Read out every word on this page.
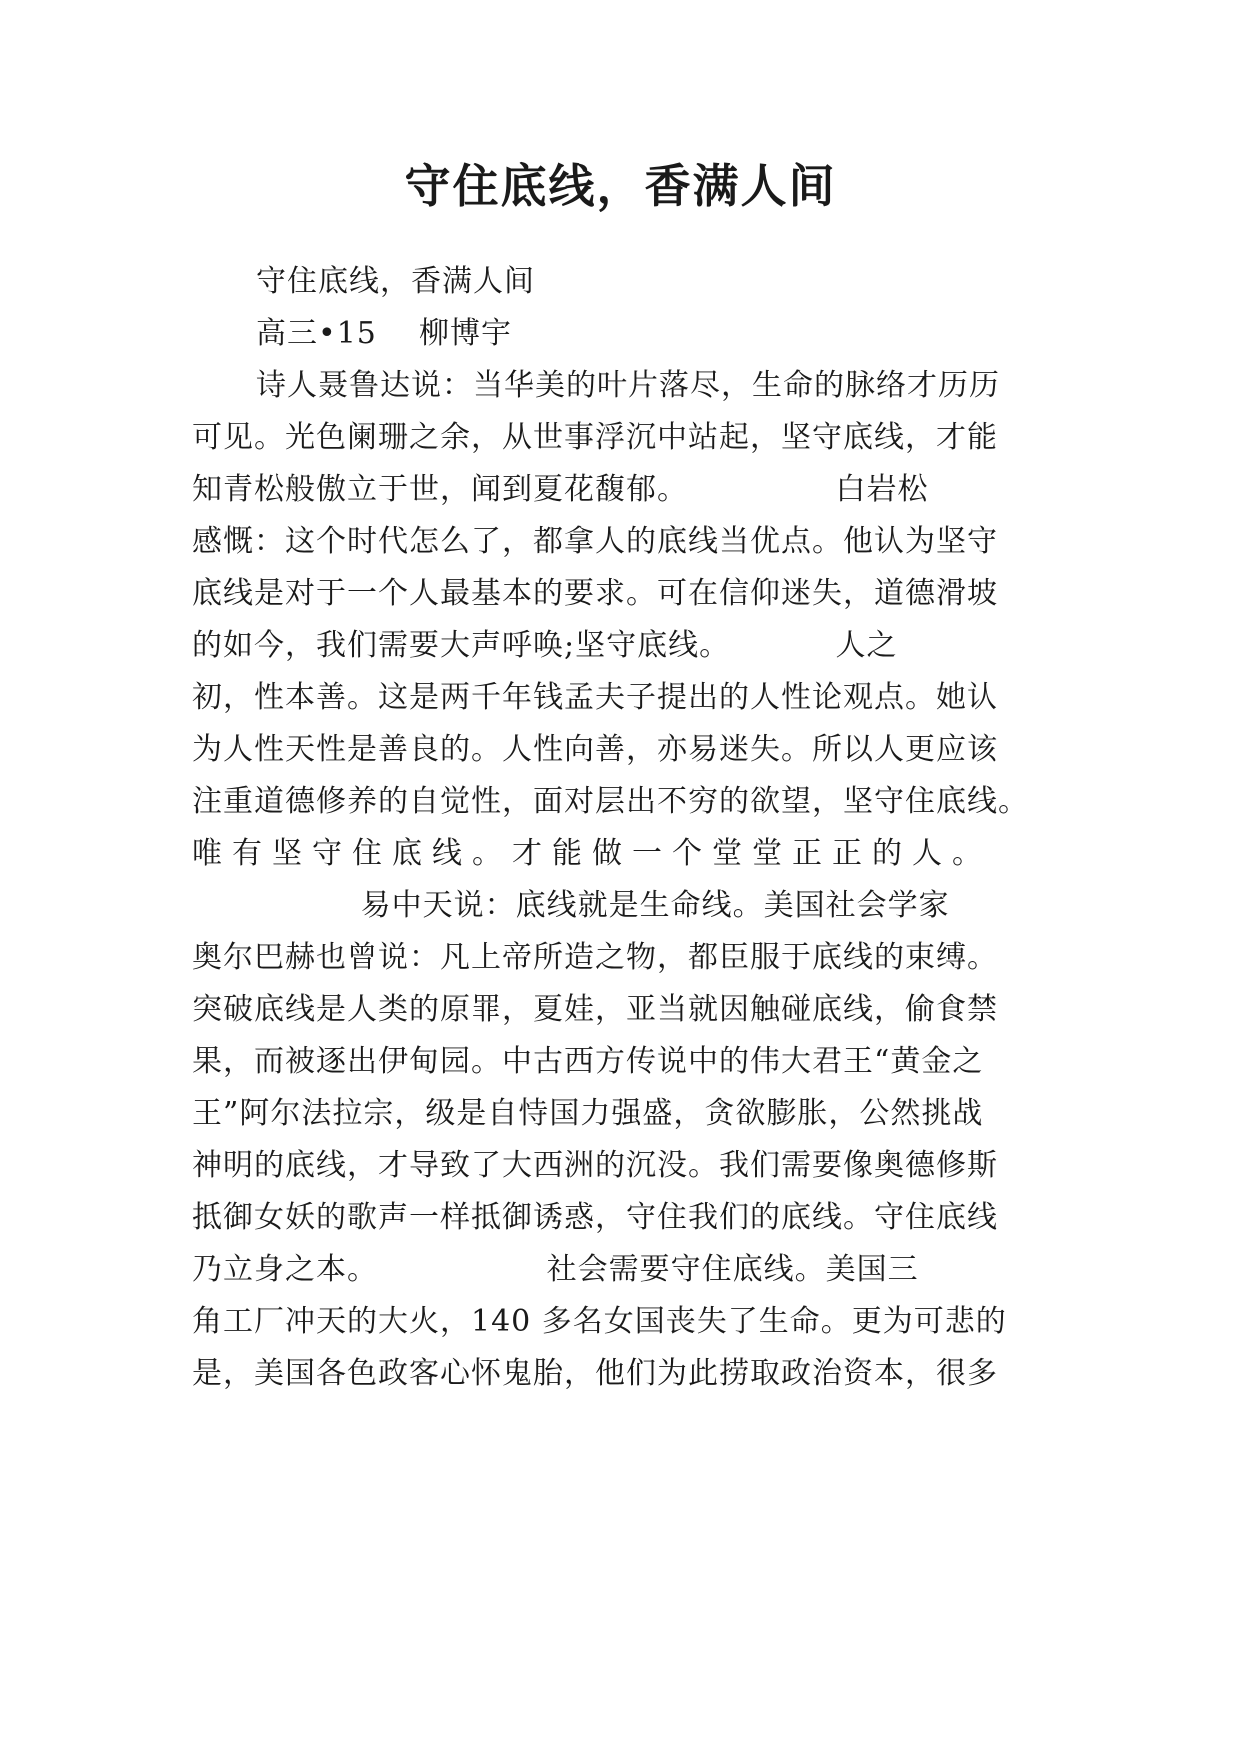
守住底线，香满人间

守住底线，香满人间

高三•15    柳博宇

诗人聂鲁达说：当华美的叶片落尽，生命的脉络才历历

可见。光色阑珊之余，从世事浮沉中站起，坚守底线，才能

知青松般傲立于世，闻到夏花馥郁。              白岩松

感慨：这个时代怎么了，都拿人的底线当优点。他认为坚守

底线是对于一个人最基本的要求。可在信仰迷失，道德滑坡

的如今，我们需要大声呼唤;坚守底线。          人之

初，性本善。这是两千年钱孟夫子提出的人性论观点。她认

为人性天性是善良的。人性向善，亦易迷失。所以人更应该

注重道德修养的自觉性，面对层出不穷的欲望，坚守住底线。

唯有坚守住底线。才能做一个堂堂正正的人。

易中天说：底线就是生命线。美国社会学家

奥尔巴赫也曾说：凡上帝所造之物，都臣服于底线的束缚。

突破底线是人类的原罪，夏娃，亚当就因触碰底线，偷食禁

果，而被逐出伊甸园。中古西方传说中的伟大君王“黄金之

王”阿尔法拉宗，级是自恃国力强盛，贪欲膨胀，公然挑战

神明的底线，才导致了大西洲的沉没。我们需要像奥德修斯

抵御女妖的歌声一样抵御诱惑，守住我们的底线。守住底线

乃立身之本。                社会需要守住底线。美国三

角工厂冲天的大火，140 多名女国丧失了生命。更为可悲的

是，美国各色政客心怀鬼胎，他们为此捞取政治资本，很多
